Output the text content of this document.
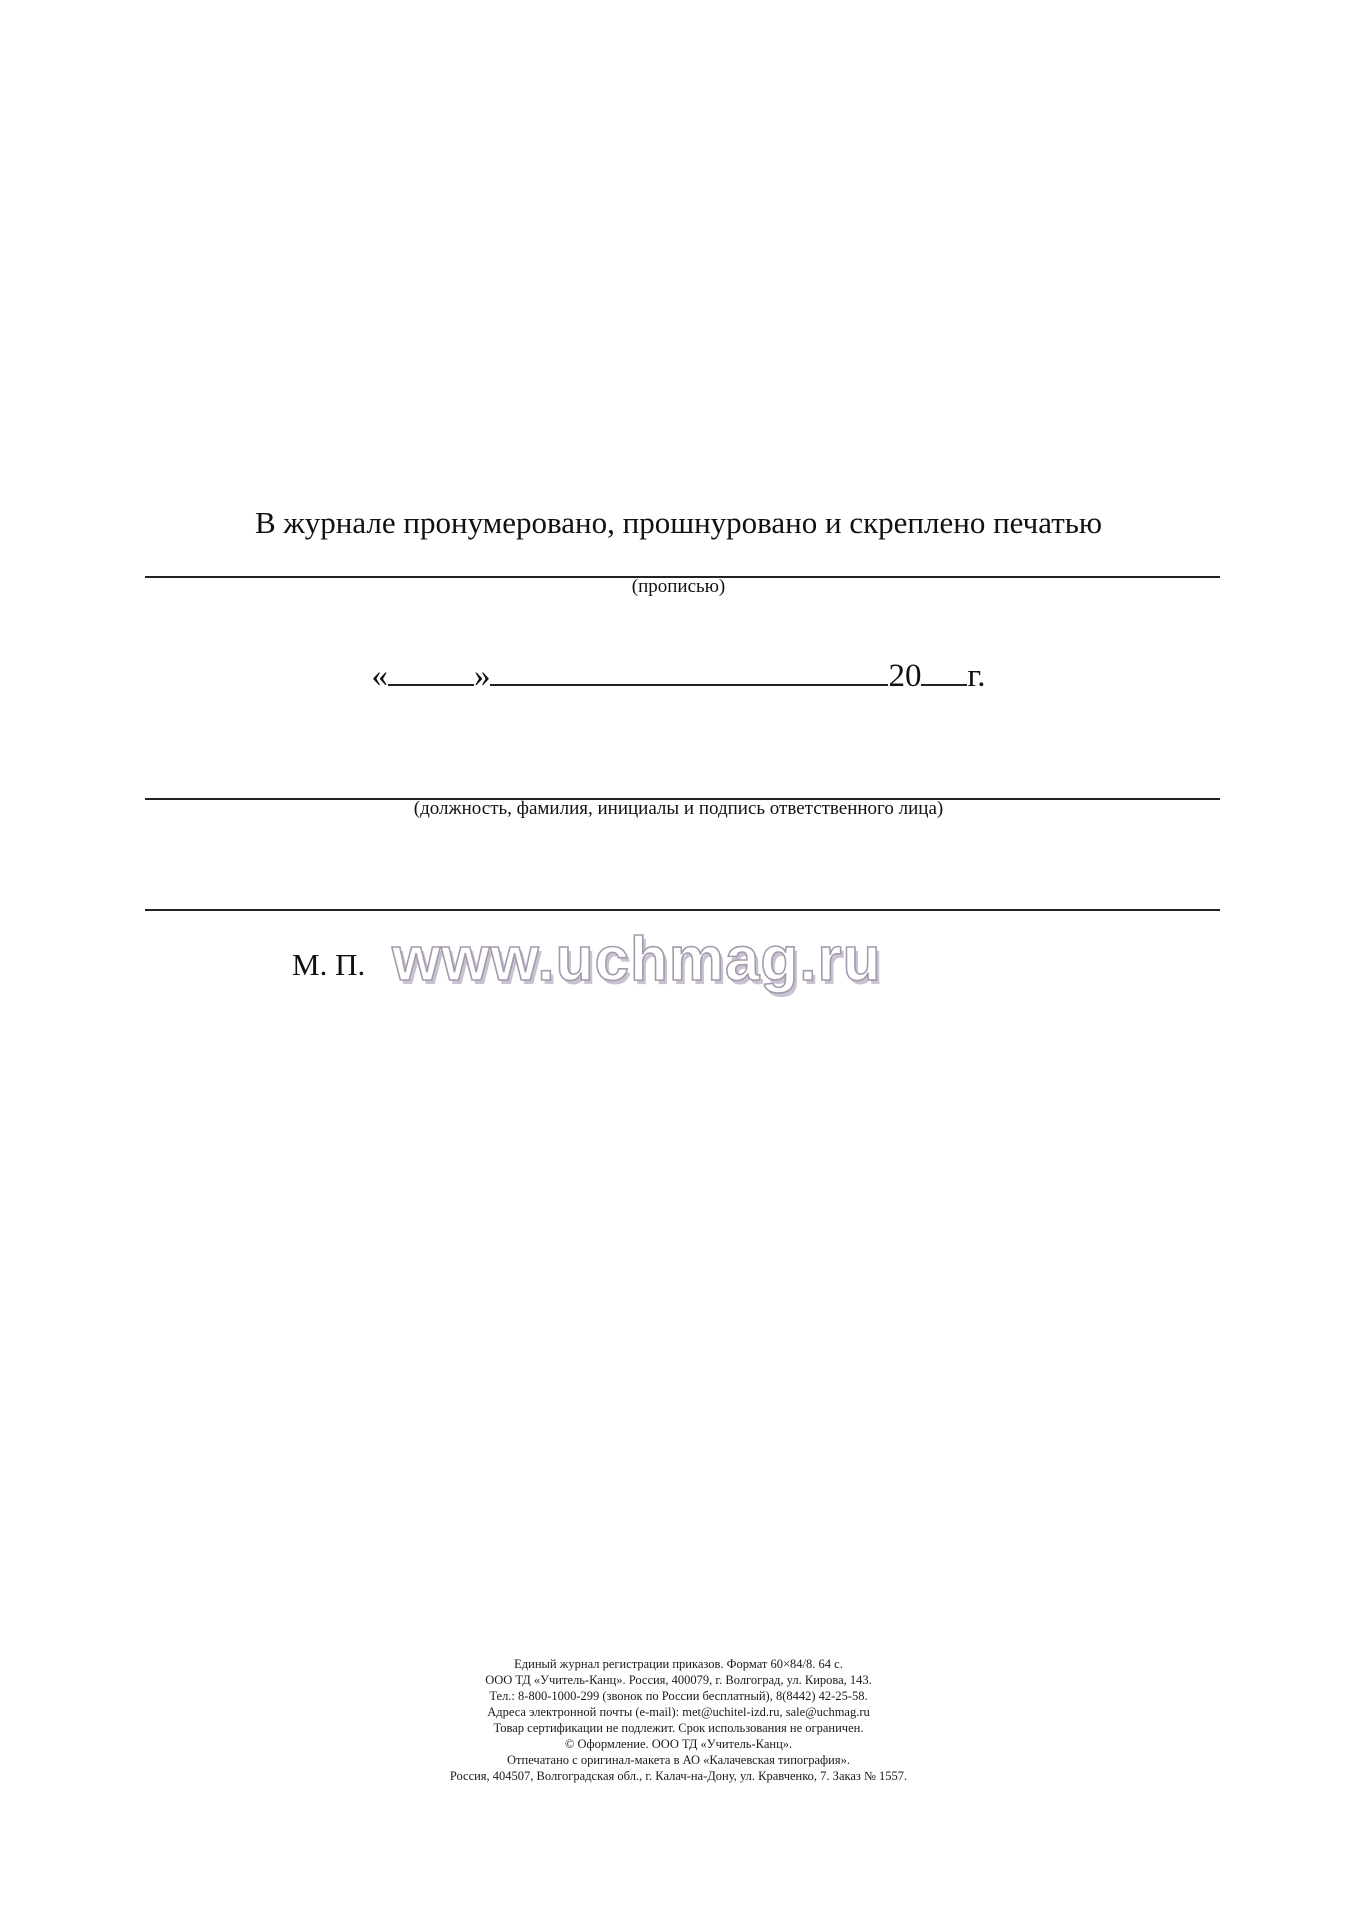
В журнале пронумеровано, прошнуровано и скреплено печатью
(прописью)
«	»	20 г.
(должность, фамилия, инициалы и подпись ответственного лица)
М. П. www.uchmag.ru
Единый журнал регистрации приказов. Формат 60×84/8. 64 с.
ООО ТД «Учитель-Канц». Россия, 400079, г. Волгоград, ул. Кирова, 143.
Тел.: 8-800-1000-299 (звонок по России бесплатный), 8(8442) 42-25-58.
Адреса электронной почты (e-mail): met@uchitel-izd.ru, sale@uchmag.ru
Товар сертификации не подлежит. Срок использования не ограничен.
© Оформление. ООО ТД «Учитель-Канц».
Отпечатано с оригинал-макета в АО «Калачевская типография».
Россия, 404507, Волгоградская обл., г. Калач-на-Дону, ул. Кравченко, 7. Заказ № 1557.
